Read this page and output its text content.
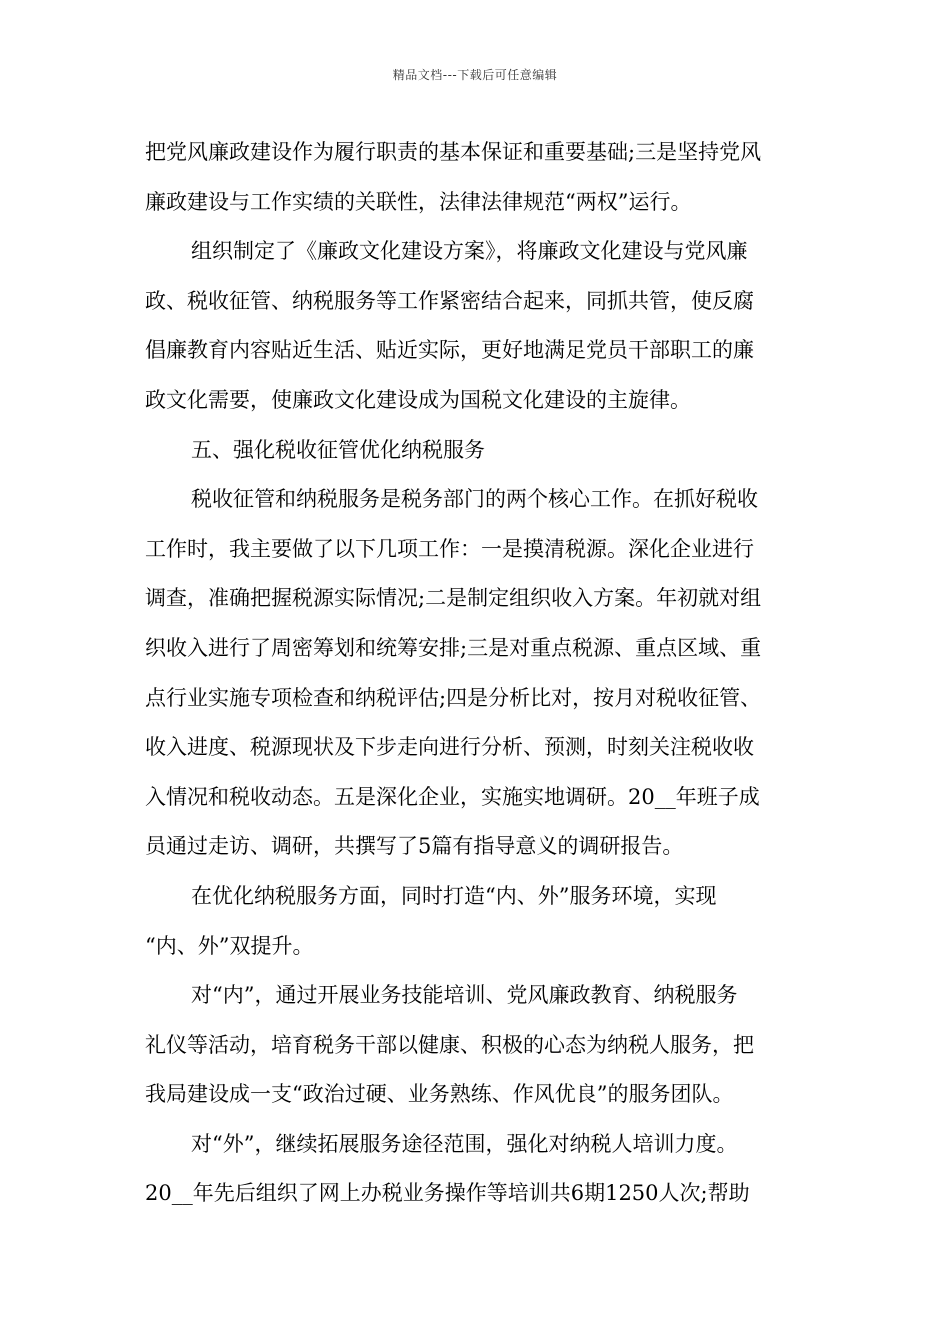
精品文档---下载后可任意编辑
把党风廉政建设作为履行职责的基本保证和重要基础;三是坚持党风
廉政建设与工作实绩的关联性，法律法律规范“两权”运行。
组织制定了《廉政文化建设方案》，将廉政文化建设与党风廉
政、税收征管、纳税服务等工作紧密结合起来，同抓共管，使反腐
倡廉教育内容贴近生活、贴近实际，更好地满足党员干部职工的廉
政文化需要，使廉政文化建设成为国税文化建设的主旋律。
五、强化税收征管优化纳税服务
税收征管和纳税服务是税务部门的两个核心工作。在抓好税收
工作时，我主要做了以下几项工作：一是摸清税源。深化企业进行
调查，准确把握税源实际情况;二是制定组织收入方案。年初就对组
织收入进行了周密筹划和统筹安排;三是对重点税源、重点区域、重
点行业实施专项检查和纳税评估;四是分析比对，按月对税收征管、
收入进度、税源现状及下步走向进行分析、预测，时刻关注税收收
入情况和税收动态。五是深化企业，实施实地调研。20__年班子成
员通过走访、调研，共撰写了5篇有指导意义的调研报告。
在优化纳税服务方面，同时打造“内、外”服务环境，实现
“内、外”双提升。
对“内”，通过开展业务技能培训、党风廉政教育、纳税服务
礼仪等活动，培育税务干部以健康、积极的心态为纳税人服务，把
我局建设成一支“政治过硬、业务熟练、作风优良”的服务团队。
对“外”，继续拓展服务途径范围，强化对纳税人培训力度。
20__年先后组织了网上办税业务操作等培训共6期1250人次;帮助
